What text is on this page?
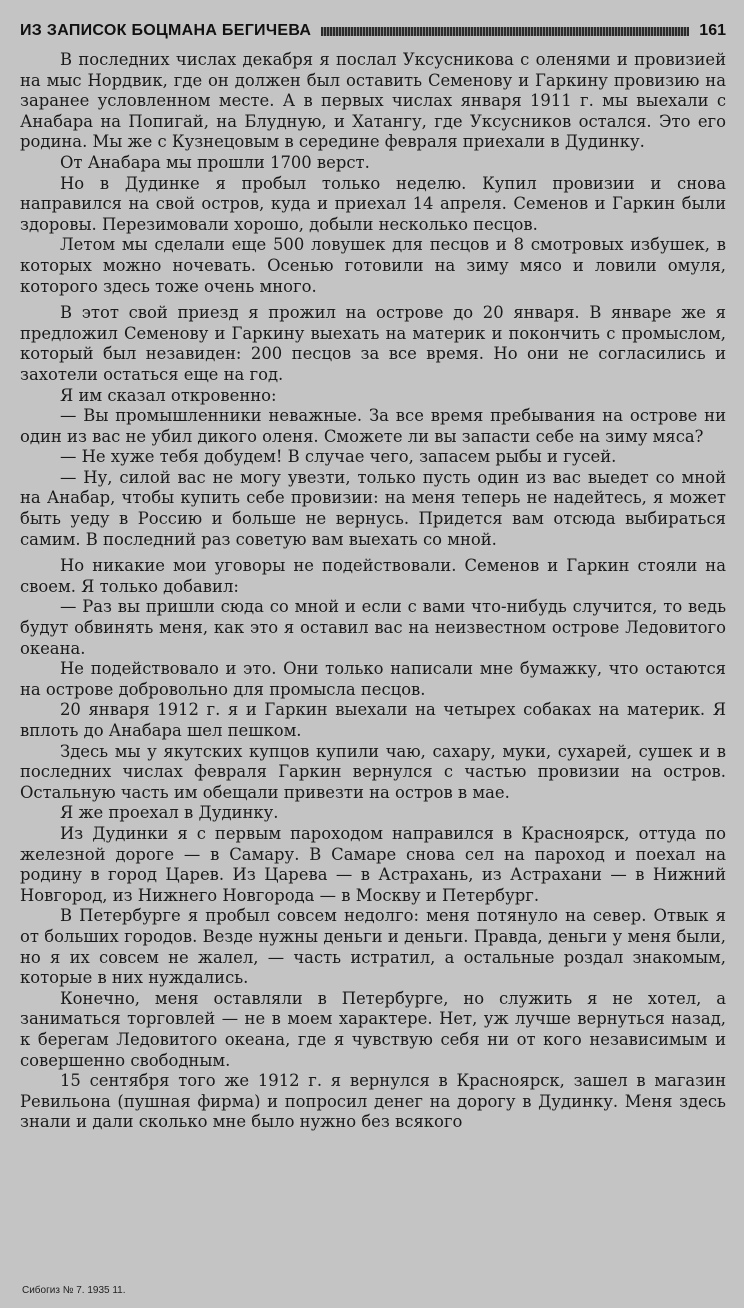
ИЗ ЗАПИСОК БОЦМАНА БЕГИЧЕВА	161

В последних числах декабря я послал Уксусникова с оленями и провизией на мыс Нордвик, где он должен был оставить Семенову и Гаркину провизию на заранее условленном месте. А в первых числах января 1911 г. мы выехали с Анабара на Попигай, на Блудную, и Хатангу, где Уксусников остался. Это его родина. Мы же с Кузнецовым в середине февраля приехали в Дудинку.

От Анабара мы прошли 1700 верст.

Но в Дудинке я пробыл только неделю. Купил провизии и снова направился на свой остров, куда и приехал 14 апреля. Семенов и Гаркин были здоровы. Перезимовали хорошо, добыли несколько песцов.

Летом мы сделали еще 500 ловушек для песцов и 8 смотровых избушек, в которых можно ночевать. Осенью готовили на зиму мясо и ловили омуля, которого здесь тоже очень много.

В этот свой приезд я прожил на острове до 20 января. В январе же я предложил Семенову и Гаркину выехать на материк и покончить с промыслом, который был незавиден: 200 песцов за все время. Но они не согласились и захотели остаться еще на год.

Я им сказал откровенно:

— Вы промышленники неважные. За все время пребывания на острове ни один из вас не убил дикого оленя. Сможете ли вы запасти себе на зиму мяса?

— Не хуже тебя добудем! В случае чего, запасем рыбы и гусей.

— Ну, силой вас не могу увезти, только пусть один из вас выедет со мной на Анабар, чтобы купить себе провизии: на меня теперь не надейтесь, я может быть уеду в Россию и больше не вернусь. Придется вам отсюда выбираться самим. В последний раз советую вам выехать со мной.

Но никакие мои уговоры не подействовали. Семенов и Гаркин стояли на своем. Я только добавил:

— Раз вы пришли сюда со мной и если с вами что-нибудь случится, то ведь будут обвинять меня, как это я оставил вас на неизвестном острове Ледовитого океана.

Не подействовало и это. Они только написали мне бумажку, что остаются на острове добровольно для промысла песцов.

20 января 1912 г. я и Гаркин выехали на четырех собаках на материк. Я вплоть до Анабара шел пешком.

Здесь мы у якутских купцов купили чаю, сахару, муки, сухарей, сушек и в последних числах февраля Гаркин вернулся с частью провизии на остров. Остальную часть им обещали привезти на остров в мае.

Я же проехал в Дудинку.

Из Дудинки я с первым пароходом направился в Красноярск, оттуда по железной дороге — в Самару. В Самаре снова сел на пароход и поехал на родину в город Царев. Из Царева — в Астрахань, из Астрахани — в Нижний Новгород, из Нижнего Новгорода — в Москву и Петербург.

В Петербурге я пробыл совсем недолго: меня потянуло на север. Отвык я от больших городов. Везде нужны деньги и деньги. Правда, деньги у меня были, но я их совсем не жалел, — часть истратил, а остальные роздал знакомым, которые в них нуждались.

Конечно, меня оставляли в Петербурге, но служить я не хотел, а заниматься торговлей — не в моем характере. Нет, уж лучше вернуться назад, к берегам Ледовитого океана, где я чувствую себя ни от кого независимым и совершенно свободным.

15 сентября того же 1912 г. я вернулся в Красноярск, зашел в магазин Ревильона (пушная фирма) и попросил денег на дорогу в Дудинку. Меня здесь знали и дали сколько мне было нужно без всякого

Сибогиз № 7. 1935 11.
